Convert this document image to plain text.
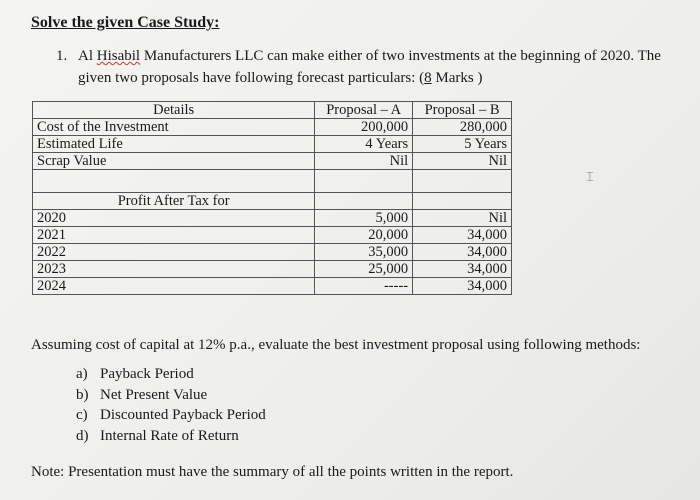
Solve the given Case Study:
1. Al Hisabil Manufacturers LLC can make either of two investments at the beginning of 2020. The
given two proposals have following forecast particulars: (8 Marks )
Details	Proposal – A	Proposal – B
Cost of the Investment	200,000	280,000
Estimated Life	4 Years	5 Years
Scrap Value	Nil	Nil

Profit After Tax for		
2020	5,000	Nil
2021	20,000	34,000
2022	35,000	34,000
2023	25,000	34,000
2024	-----	34,000
⌶
Assuming cost of capital at 12% p.a., evaluate the best investment proposal using following methods:
a) Payback Period
b) Net Present Value
c) Discounted Payback Period
d) Internal Rate of Return
Note: Presentation must have the summary of all the points written in the report.
